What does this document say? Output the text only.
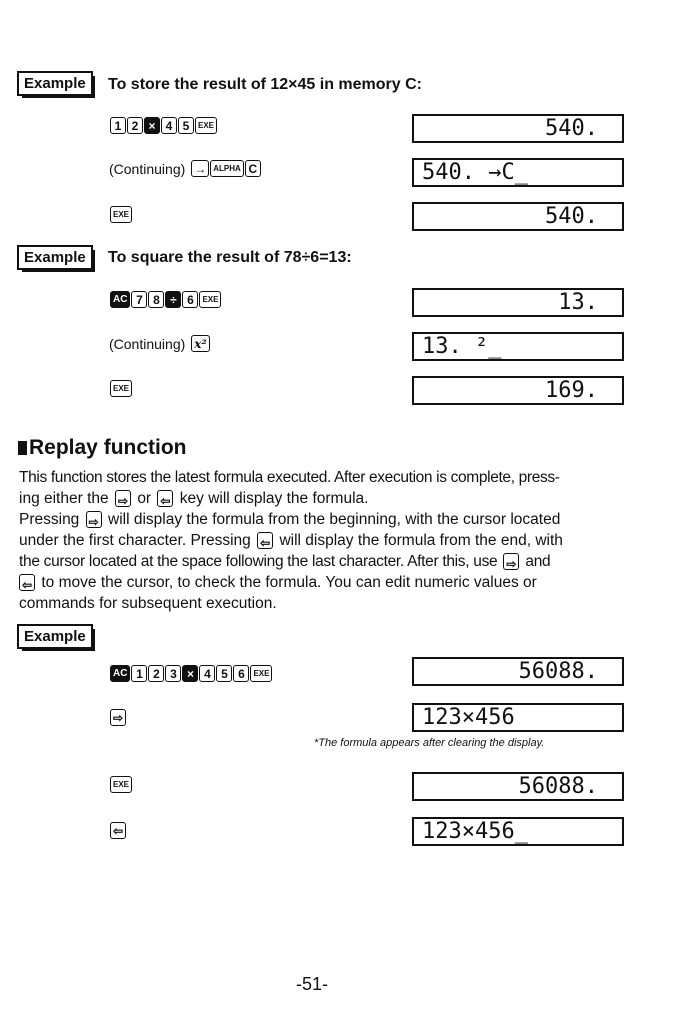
Example	To store the result of 12×45 in memory C:
1 2 × 4 5	EXE	540.
(Continuing) → ALPHA C	540. →C_
EXE	540.
Example	To square the result of 78÷6=13:
AC 7 8 ÷ 6	EXE	13.
(Continuing) x²	13. ²_
EXE	169.
Replay function
This function stores the latest formula executed. After execution is complete, press-
ing either the ⇨ or ⇦ key will display the formula.
Pressing ⇨ will display the formula from the beginning, with the cursor located
under the first character. Pressing ⇦ will display the formula from the end, with
the cursor located at the space following the last character. After this, use ⇨ and
⇦ to move the cursor, to check the formula. You can edit numeric values or
commands for subsequent execution.
Example
AC 1 2 3 × 4 5 6	EXE	56088.
⇨	123×456
*The formula appears after clearing the display.
EXE	56088.
⇦	123×456_
-51-
